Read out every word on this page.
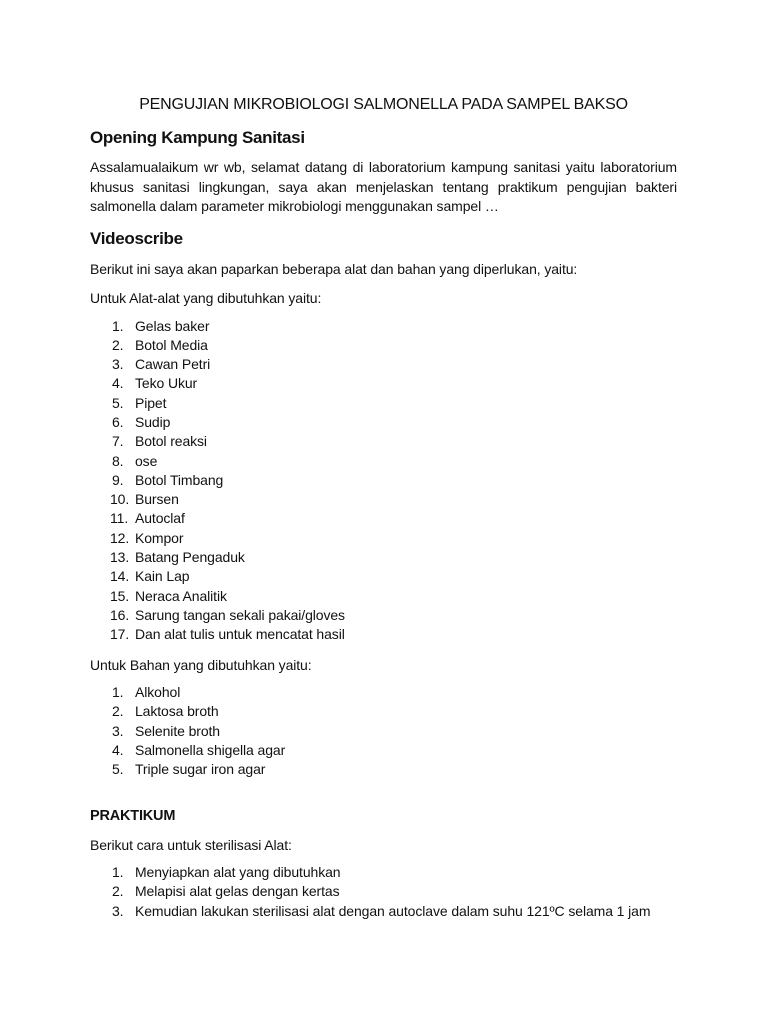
PENGUJIAN MIKROBIOLOGI SALMONELLA PADA SAMPEL BAKSO
Opening Kampung Sanitasi

Assalamualaikum wr wb, selamat datang di laboratorium kampung sanitasi yaitu laboratorium khusus sanitasi lingkungan, saya akan menjelaskan tentang praktikum pengujian bakteri salmonella dalam parameter mikrobiologi menggunakan sampel …

Videoscribe

Berikut ini saya akan paparkan beberapa alat dan bahan yang diperlukan, yaitu:

Untuk Alat-alat yang dibutuhkan yaitu:

1. Gelas baker
2. Botol Media
3. Cawan Petri
4. Teko Ukur
5. Pipet
6. Sudip
7. Botol reaksi
8. ose
9. Botol Timbang
10. Bursen
11. Autoclaf
12. Kompor
13. Batang Pengaduk
14. Kain Lap
15. Neraca Analitik
16. Sarung tangan sekali pakai/gloves
17. Dan alat tulis untuk mencatat hasil

Untuk Bahan yang dibutuhkan yaitu:

1. Alkohol
2. Laktosa broth
3. Selenite broth
4. Salmonella shigella agar
5. Triple sugar iron agar
PRAKTIKUM

Berikut cara untuk sterilisasi Alat:

1. Menyiapkan alat yang dibutuhkan
2. Melapisi alat gelas dengan kertas
3. Kemudian lakukan sterilisasi alat dengan autoclave dalam suhu 121ºC selama 1 jam
